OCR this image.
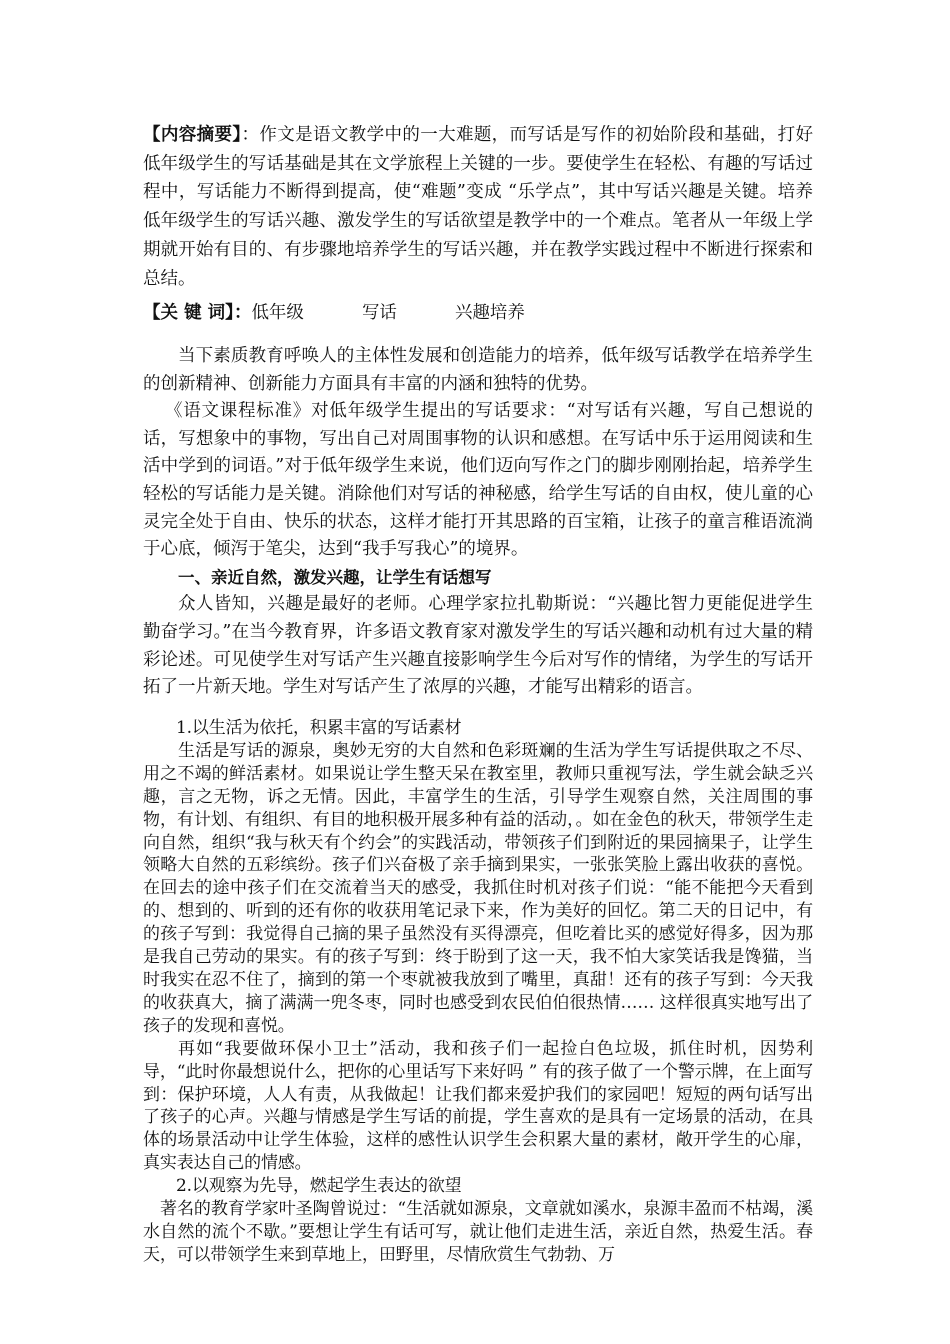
【内容摘要】：作文是语文教学中的一大难题，而写话是写作的初始阶段和基础，打好低年级学生的写话基础是其在文学旅程上关键的一步。要使学生在轻松、有趣的写话过程中，写话能力不断得到提高，使“难题”变成 “乐学点”，其中写话兴趣是关键。培养低年级学生的写话兴趣、激发学生的写话欲望是教学中的一个难点。笔者从一年级上学期就开始有目的、有步骤地培养学生的写话兴趣，并在教学实践过程中不断进行探索和总结。
【关 键 词】：低年级	写话	兴趣培养

当下素质教育呼唤人的主体性发展和创造能力的培养，低年级写话教学在培养学生的创新精神、创新能力方面具有丰富的内涵和独特的优势。

《语文课程标准》对低年级学生提出的写话要求：“对写话有兴趣，写自己想说的话，写想象中的事物，写出自己对周围事物的认识和感想。在写话中乐于运用阅读和生活中学到的词语。”对于低年级学生来说，他们迈向写作之门的脚步刚刚抬起，培养学生轻松的写话能力是关键。消除他们对写话的神秘感，给学生写话的自由权，使儿童的心灵完全处于自由、快乐的状态，这样才能打开其思路的百宝箱，让孩子的童言稚语流淌于心底，倾泻于笔尖，达到“我手写我心”的境界。

一、亲近自然，激发兴趣，让学生有话想写

众人皆知，兴趣是最好的老师。心理学家拉扎勒斯说：“兴趣比智力更能促进学生勤奋学习。”在当今教育界，许多语文教育家对激发学生的写话兴趣和动机有过大量的精彩论述。可见使学生对写话产生兴趣直接影响学生今后对写作的情绪，为学生的写话开拓了一片新天地。学生对写话产生了浓厚的兴趣，才能写出精彩的语言。

1.以生活为依托，积累丰富的写话素材

生活是写话的源泉，奥妙无穷的大自然和色彩斑斓的生活为学生写话提供取之不尽、用之不竭的鲜活素材。如果说让学生整天呆在教室里，教师只重视写法，学生就会缺乏兴趣，言之无物，诉之无情。因此，丰富学生的生活，引导学生观察自然，关注周围的事物，有计划、有组织、有目的地积极开展多种有益的活动，。如在金色的秋天，带领学生走向自然，组织“我与秋天有个约会”的实践活动，带领孩子们到附近的果园摘果子，让学生领略大自然的五彩缤纷。孩子们兴奋极了亲手摘到果实，一张张笑脸上露出收获的喜悦。在回去的途中孩子们在交流着当天的感受，我抓住时机对孩子们说：“能不能把今天看到的、想到的、听到的还有你的收获用笔记录下来，作为美好的回忆。第二天的日记中，有的孩子写到：我觉得自己摘的果子虽然没有买得漂亮，但吃着比买的感觉好得多，因为那是我自己劳动的果实。有的孩子写到：终于盼到了这一天，我不怕大家笑话我是馋猫，当时我实在忍不住了，摘到的第一个枣就被我放到了嘴里，真甜！还有的孩子写到：今天我的收获真大，摘了满满一兜冬枣，同时也感受到农民伯伯很热情…… 这样很真实地写出了孩子的发现和喜悦。

再如“我要做环保小卫士”活动，我和孩子们一起捡白色垃圾，抓住时机，因势利导，“此时你最想说什么，把你的心里话写下来好吗 ” 有的孩子做了一个警示牌，在上面写到：保护环境，人人有责，从我做起！让我们都来爱护我们的家园吧！短短的两句话写出了孩子的心声。兴趣与情感是学生写话的前提，学生喜欢的是具有一定场景的活动，在具体的场景活动中让学生体验，这样的感性认识学生会积累大量的素材，敞开学生的心扉，真实表达自己的情感。

2.以观察为先导，燃起学生表达的欲望

著名的教育学家叶圣陶曾说过：“生活就如源泉，文章就如溪水，泉源丰盈而不枯竭，溪水自然的流个不歇。”要想让学生有话可写，就让他们走进生活，亲近自然，热爱生活。春天，可以带领学生来到草地上，田野里，尽情欣赏生气勃勃、万
